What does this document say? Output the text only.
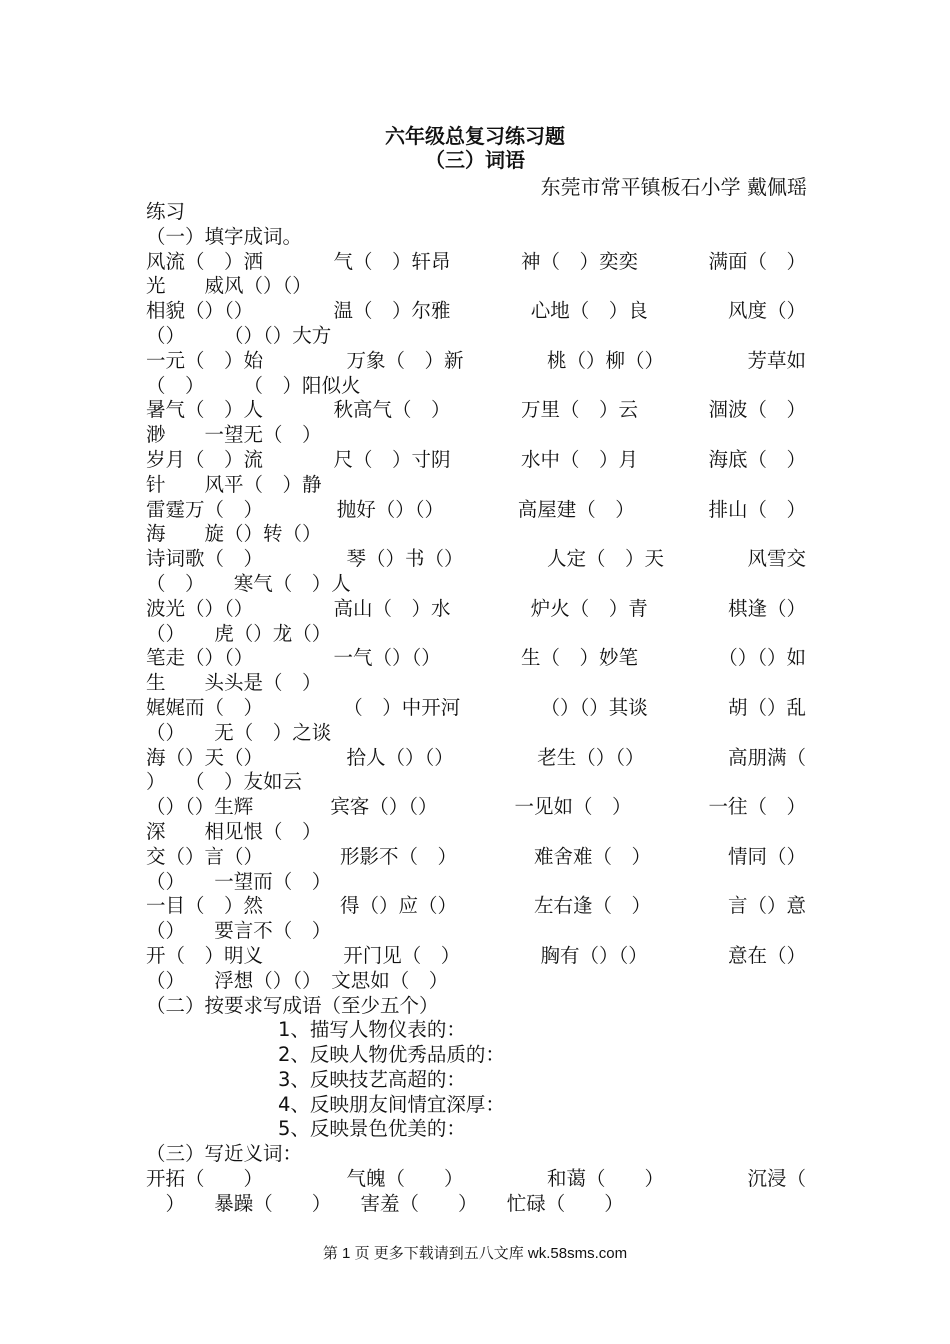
六年级总复习练习题
（三）词语
东莞市常平镇板石小学 戴佩瑶
练习
（一）填字成词。
风流（　）洒	气（　）轩昂	神（　）奕奕	满面（　）
光　　威风（）（）
相貌（）（）	温（　）尔雅	心地（　）良	风度（）
（）　　　（）（）大方
一元（　）始	万象（　）新	桃（）柳（）	芳草如
（　）　　　（　）阳似火
暑气（　）人	秋高气（　）	万里（　）云	涸波（　）
渺　　一望无（　）
岁月（　）流	尺（　）寸阴	水中（　）月	海底（　）
针　　风平（　）静
雷霆万（　）	抛好（）（）	高屋建（　）	排山（　）
海　　旋（）转（）
诗词歌（　）	琴（）书（）	人定（　）天	风雪交
（　）　　寒气（　）人
波光（）（）	高山（　）水	炉火（　）青	棋逢（）
（）　　虎（）龙（）
笔走（）（）	一气（）（）	生（　）妙笔	（）（）如
生　　头头是（　）
娓娓而（　）	（　）中开河	（）（）其谈	胡（）乱
（）　　无（　）之谈
海（）天（）	拾人（）（）	老生（）（）	高朋满（
）　　（　）友如云
（）（）生辉	宾客（）（）	一见如（　）	一往（　）
深　　相见恨（　）
交（）言（）	形影不（　）	难舍难（　）	情同（）
（）　　一望而（　）
一目（　）然	得（）应（）	左右逢（　）	言（）意
（）　　要言不（　）
开（　）明义	开门见（　）	胸有（）（）	意在（）
（）　　浮想（）（）　文思如（　）
（二）按要求写成语（至少五个）
1、描写人物仪表的：
2、反映人物优秀品质的：
3、反映技艺高超的：
4、反映朋友间情宜深厚：
5、反映景色优美的：
（三）写近义词：
开拓（　　）	气魄（　　）	和蔼（　　）	沉浸（
　）　　暴躁（　　）　　害羞（　　）　　忙碌（　　）
第 1 页 更多下载请到五八文库 wk.58sms.com
